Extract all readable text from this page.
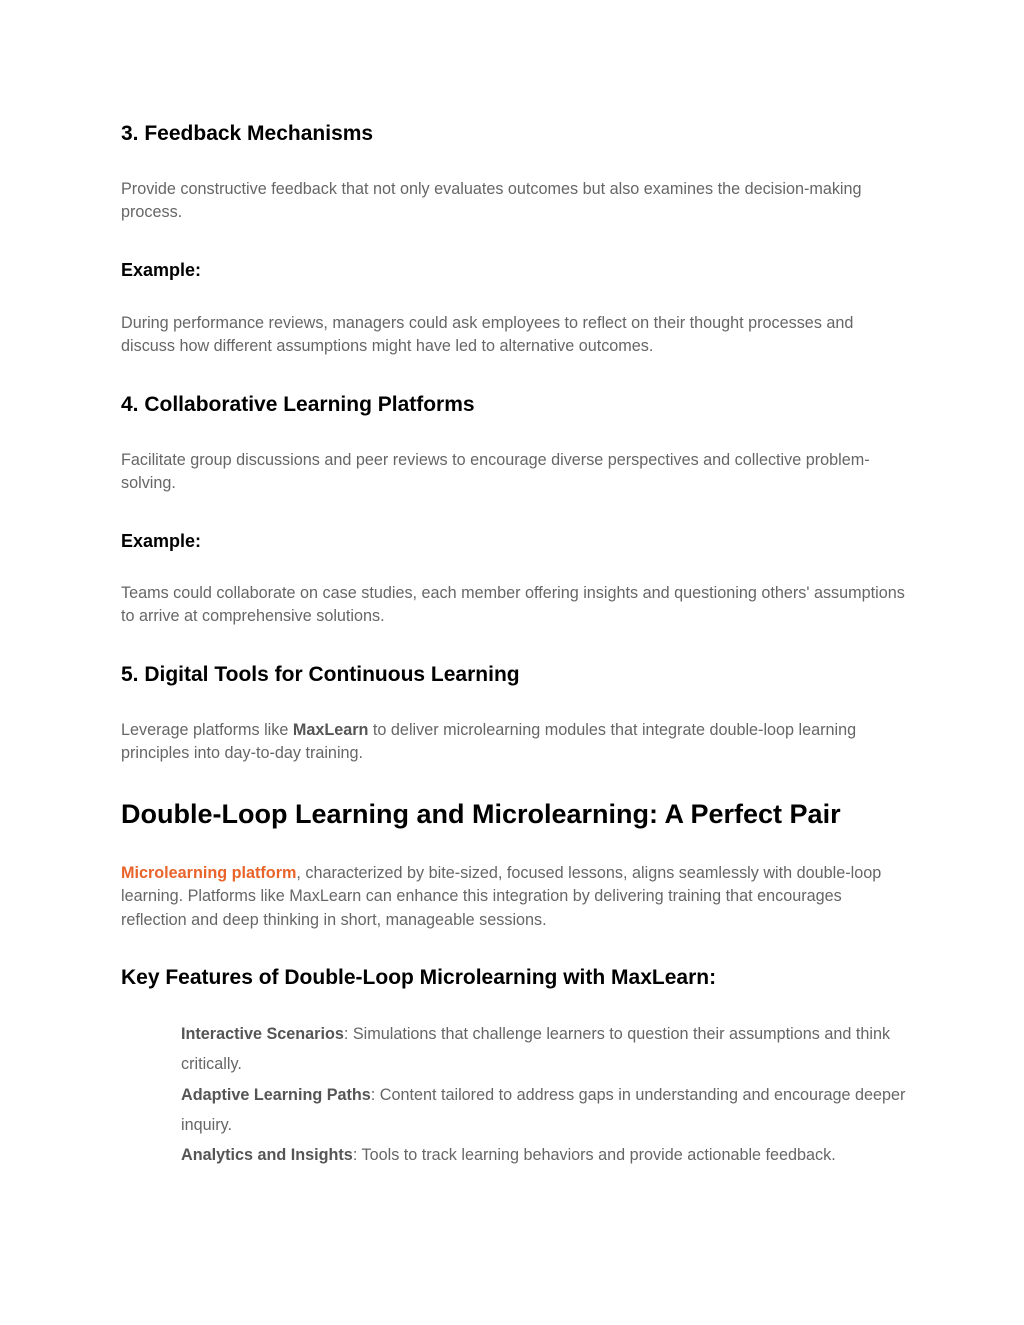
3. Feedback Mechanisms

Provide constructive feedback that not only evaluates outcomes but also examines the decision-making process.

Example:

During performance reviews, managers could ask employees to reflect on their thought processes and discuss how different assumptions might have led to alternative outcomes.

4. Collaborative Learning Platforms

Facilitate group discussions and peer reviews to encourage diverse perspectives and collective problem-solving.

Example:

Teams could collaborate on case studies, each member offering insights and questioning others' assumptions to arrive at comprehensive solutions.

5. Digital Tools for Continuous Learning

Leverage platforms like MaxLearn to deliver microlearning modules that integrate double-loop learning principles into day-to-day training.

Double-Loop Learning and Microlearning: A Perfect Pair

Microlearning platform, characterized by bite-sized, focused lessons, aligns seamlessly with double-loop learning. Platforms like MaxLearn can enhance this integration by delivering training that encourages reflection and deep thinking in short, manageable sessions.

Key Features of Double-Loop Microlearning with MaxLearn:
Interactive Scenarios: Simulations that challenge learners to question their assumptions and think critically.
Adaptive Learning Paths: Content tailored to address gaps in understanding and encourage deeper inquiry.
Analytics and Insights: Tools to track learning behaviors and provide actionable feedback.
